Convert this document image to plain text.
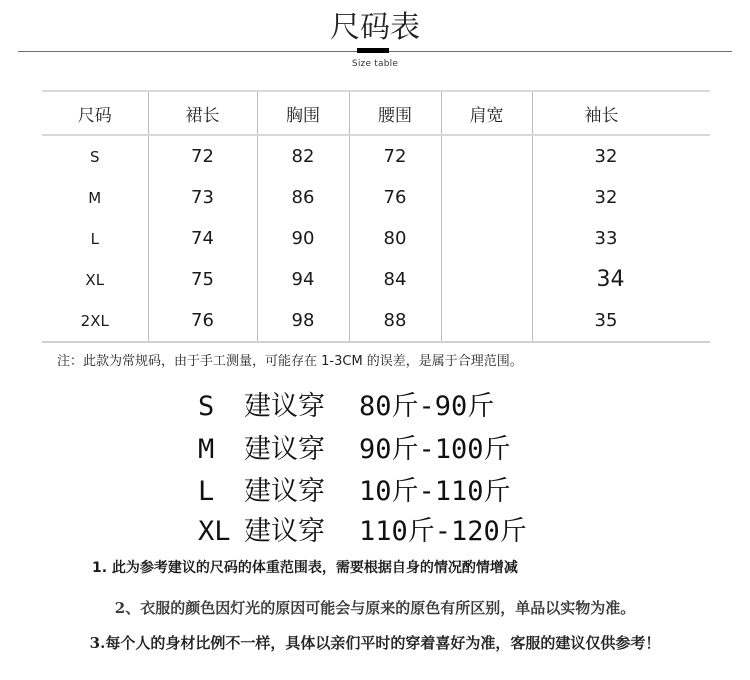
尺码表
Size table
尺码	裙长	胸围	腰围	肩宽	袖长
S	72	82	72		32
M	73	86	76		32
L	74	90	80		33
XL	75	94	84		34
2XL	76	98	88		35
注：此款为常规码，由于手工测量，可能存在 1-3CM 的误差，是属于合理范围。
S 建议穿 80斤-90斤
M 建议穿 90斤-100斤
L 建议穿 10斤-110斤
XL 建议穿 110斤-120斤
1. 此为参考建议的尺码的体重范围表，需要根据自身的情况酌情增减
2、衣服的颜色因灯光的原因可能会与原来的原色有所区别，单品以实物为准。
3.每个人的身材比例不一样，具体以亲们平时的穿着喜好为准，客服的建议仅供参考！
